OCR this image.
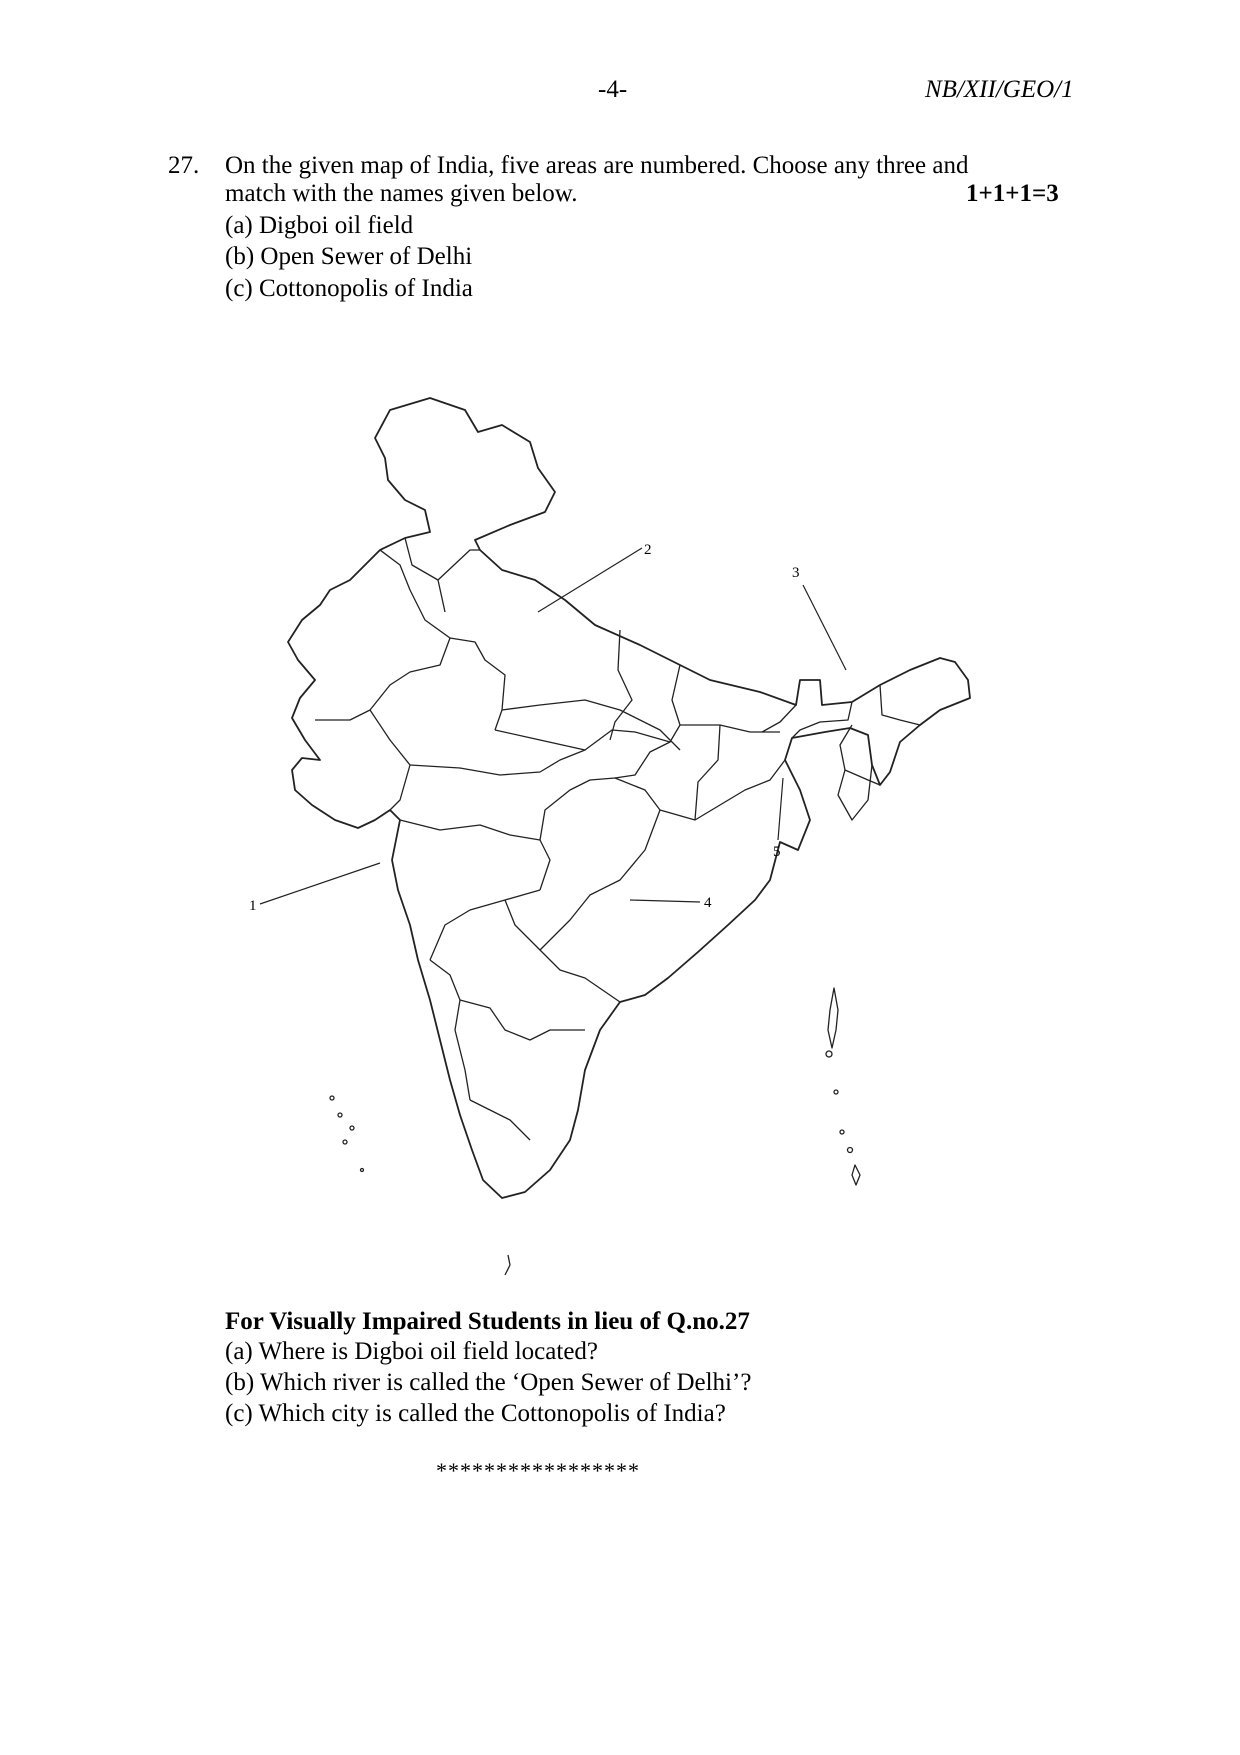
-4-	NB/XII/GEO/1
27. On the given map of India, five areas are numbered. Choose any three and
match with the names given below.	1+1+1=3
(a) Digboi oil field
(b) Open Sewer of Delhi
(c) Cottonopolis of India
1
2
3
4
5
For Visually Impaired Students in lieu of Q.no.27
(a) Where is Digboi oil field located?
(b) Which river is called the ‘Open Sewer of Delhi’?
(c) Which city is called the Cottonopolis of India?
*****************
